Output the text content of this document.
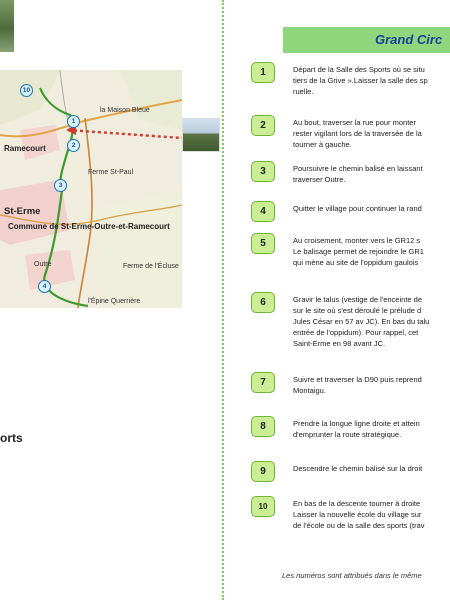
la Maison Bleue
Ramecourt
Ferme St-Paul
St-Erme
Commune de St-Erme-Outre-et-Ramecourt
Outre	Ferme de l'Écluse
l'Épine Querrière
10
1
2
3
4
orts
Grand Circ
1	Départ de la Salle des Sports où se situ
tiers de la Grive ».Laisser la salle des sp
ruelle.
2	Au bout, traverser la rue pour monter
rester vigilant lors de la traversée de la
tourner à gauche.
3	Poursuivre le chemin balisé en laissant
traverser Outre.
4	Quitter le village pour continuer la rand
5	Au croisement, monter vers le GR12 s
Le balisage permet de rejoindre le GR1
qui mène au site de l'oppidum gaulois
6	Gravir le talus (vestige de l'enceinte de
sur le site où s'est déroulé le prélude d
Jules César en 57 av JC). En bas du talu
entrée de l'oppidum). Pour rappel, cet
Saint-Erme en 98 avant JC.
7	Suivre et traverser la D90 puis reprend
Montaigu.
8	Prendre la longue ligne droite et attein
d'emprunter la route stratégique.
9	Descendre le chemin balisé sur la droit
10	En bas de la descente tourner à droite
Laisser la nouvelle école du village sur
de l'école ou de la salle des sports (trav
Les numéros sont attribués dans le même
